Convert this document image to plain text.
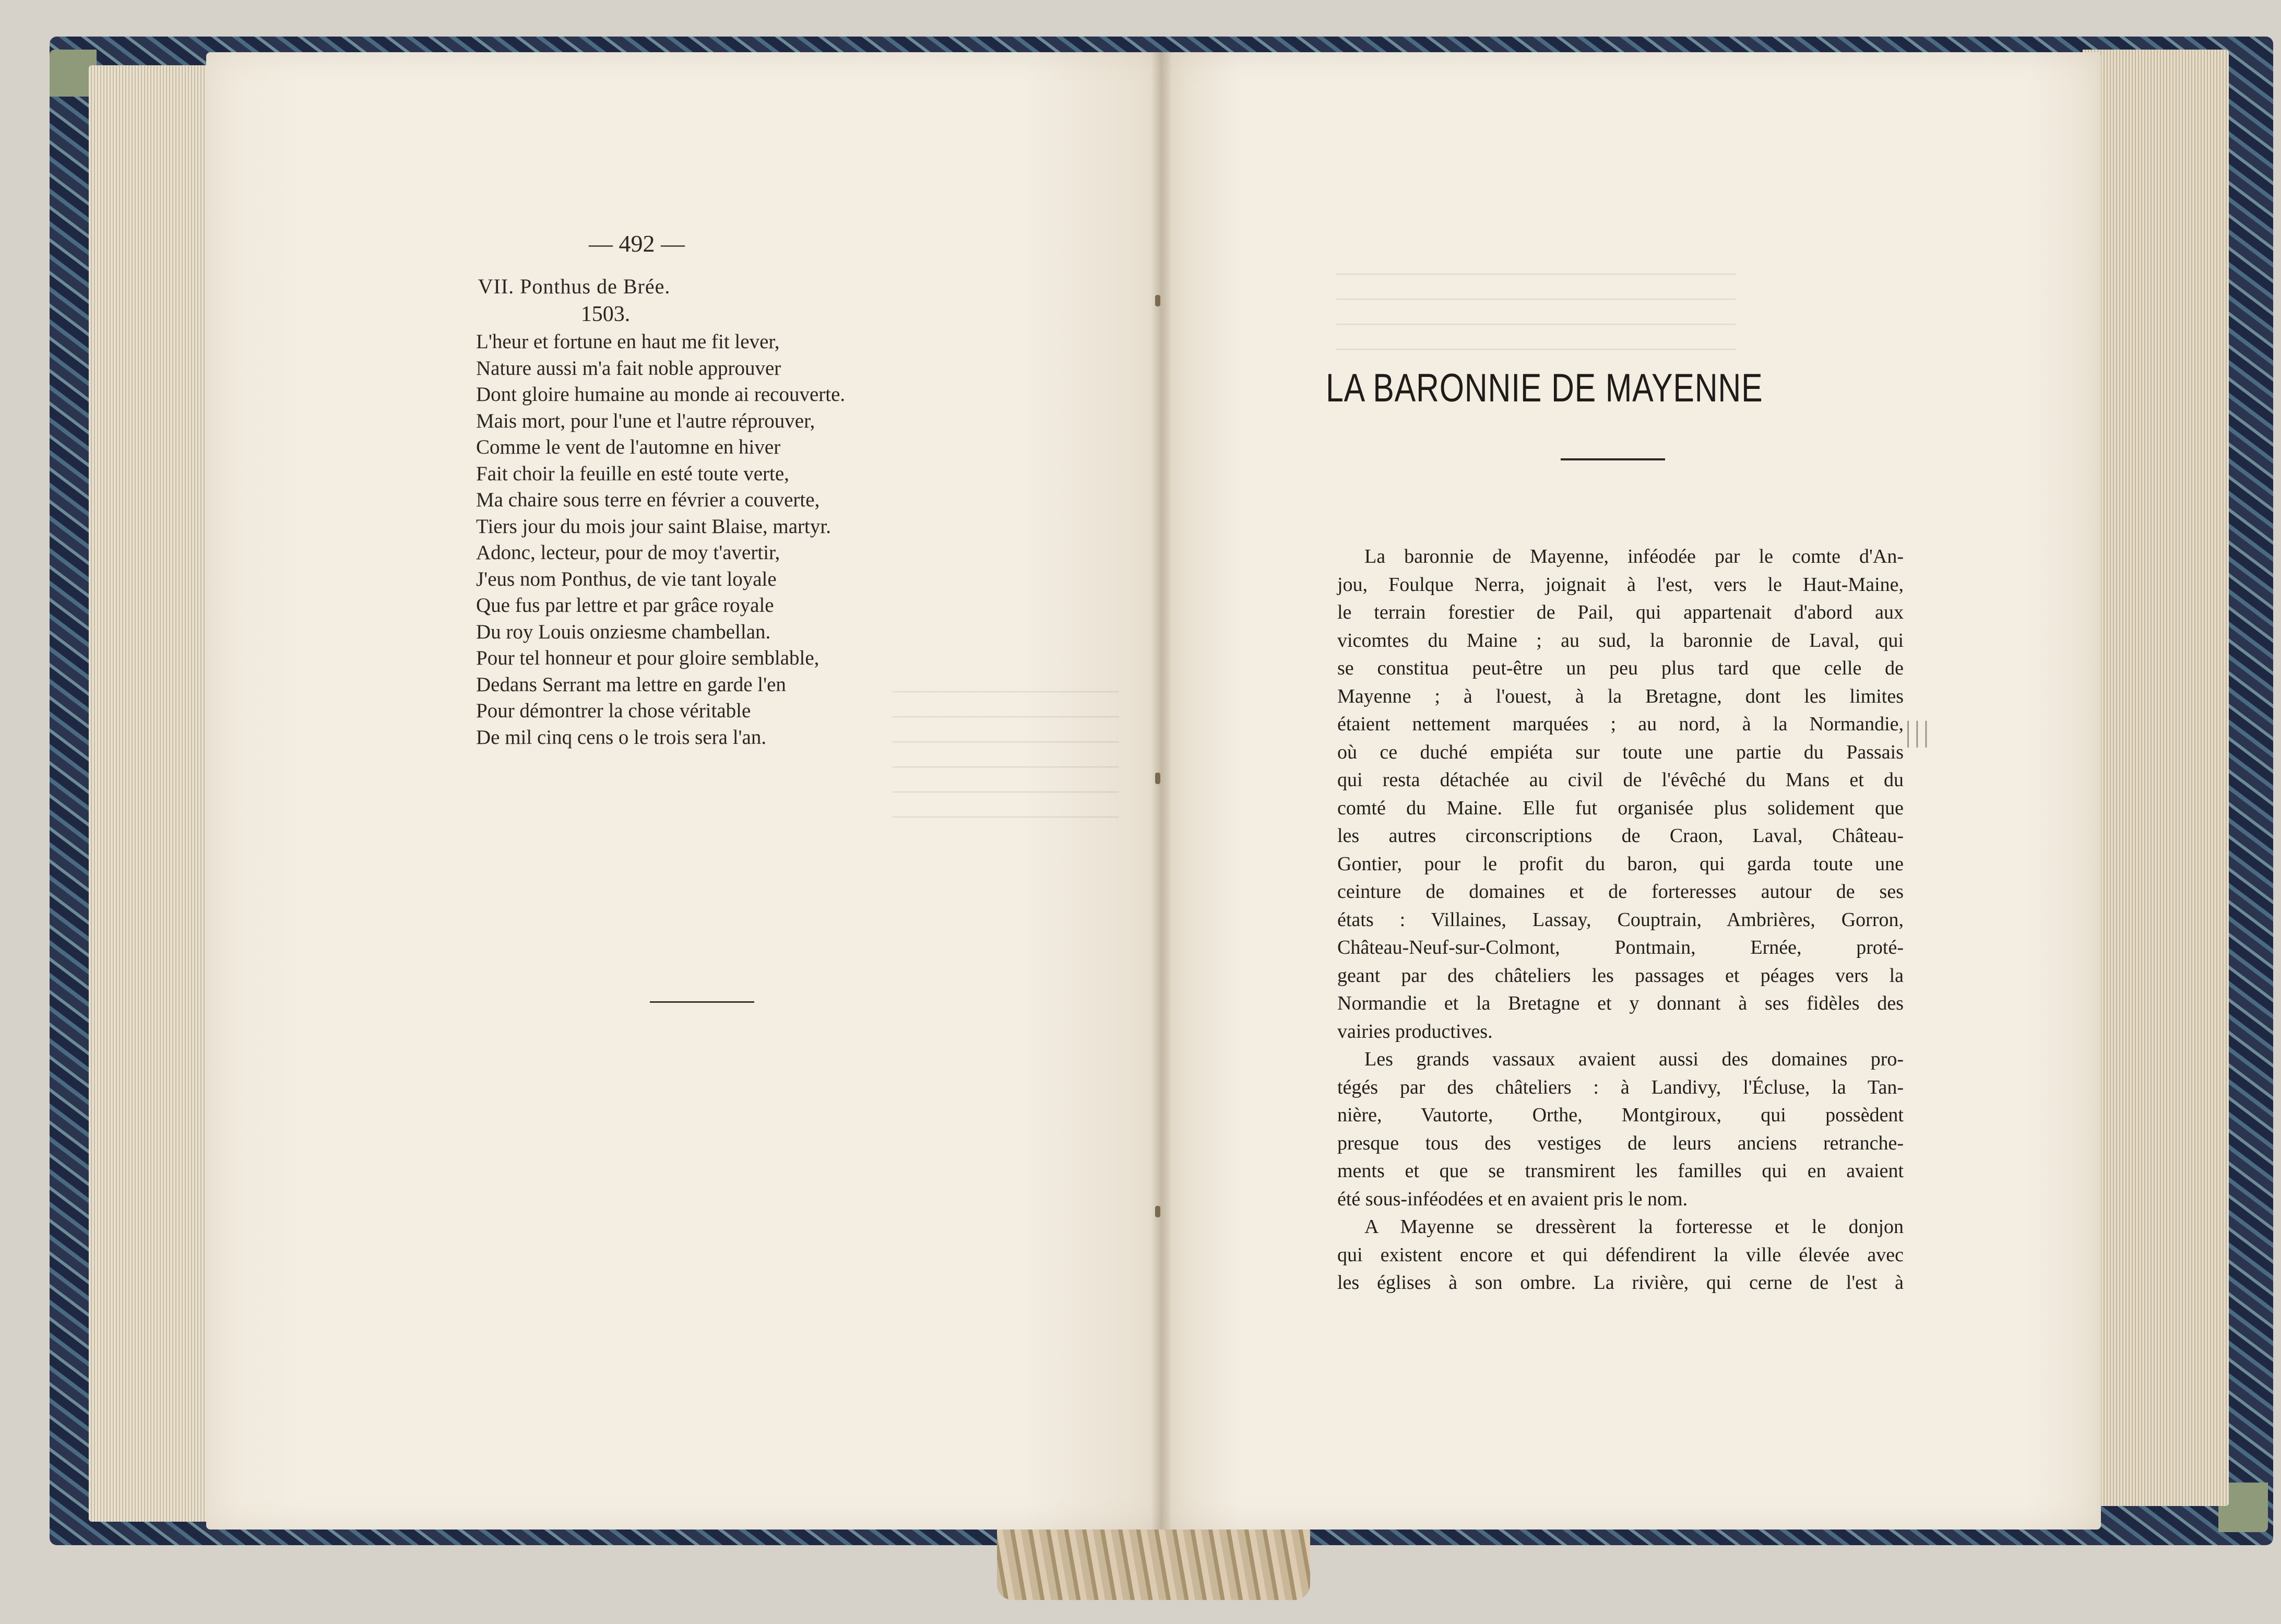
─────────────────
─────────────────
─────────────────
─────────────────
─────────────────
─────────────────
──────────────────────────────
──────────────────────────────
──────────────────────────────
──────────────────────────────
— 492 —
VII. Ponthus de Brée.
1503.
L'heur et fortune en haut me fit lever,
Nature aussi m'a fait noble approuver
Dont gloire humaine au monde ai recouverte.
Mais mort, pour l'une et l'autre réprouver,
Comme le vent de l'automne en hiver
Fait choir la feuille en esté toute verte,
Ma chaire sous terre en février a couverte,
Tiers jour du mois jour saint Blaise, martyr.
Adonc, lecteur, pour de moy t'avertir,
J'eus nom Ponthus, de vie tant loyale
Que fus par lettre et par grâce royale
Du roy Louis onziesme chambellan.
Pour tel honneur et pour gloire semblable,
Dedans Serrant ma lettre en garde l'en
Pour démontrer la chose véritable
De mil cinq cens o le trois sera l'an.
LA BARONNIE DE MAYENNE
|||
La baronnie de Mayenne, inféodée par le comte d'An-
jou, Foulque Nerra, joignait à l'est, vers le Haut-Maine,
le terrain forestier de Pail, qui appartenait d'abord aux
vicomtes du Maine ; au sud, la baronnie de Laval, qui
se constitua peut-être un peu plus tard que celle de
Mayenne ; à l'ouest, à la Bretagne, dont les limites
étaient nettement marquées ; au nord, à la Normandie,
où ce duché empiéta sur toute une partie du Passais
qui resta détachée au civil de l'évêché du Mans et du
comté du Maine. Elle fut organisée plus solidement que
les autres circonscriptions de Craon, Laval, Château-
Gontier, pour le profit du baron, qui garda toute une
ceinture de domaines et de forteresses autour de ses
états : Villaines, Lassay, Couptrain, Ambrières, Gorron,
Château-Neuf-sur-Colmont, Pontmain, Ernée, proté-
geant par des châteliers les passages et péages vers la
Normandie et la Bretagne et y donnant à ses fidèles des
vairies productives.
Les grands vassaux avaient aussi des domaines pro-
tégés par des châteliers : à Landivy, l'Écluse, la Tan-
nière, Vautorte, Orthe, Montgiroux, qui possèdent
presque tous des vestiges de leurs anciens retranche-
ments et que se transmirent les familles qui en avaient
été sous-inféodées et en avaient pris le nom.
A Mayenne se dressèrent la forteresse et le donjon
qui existent encore et qui défendirent la ville élevée avec
les églises à son ombre. La rivière, qui cerne de l'est à
